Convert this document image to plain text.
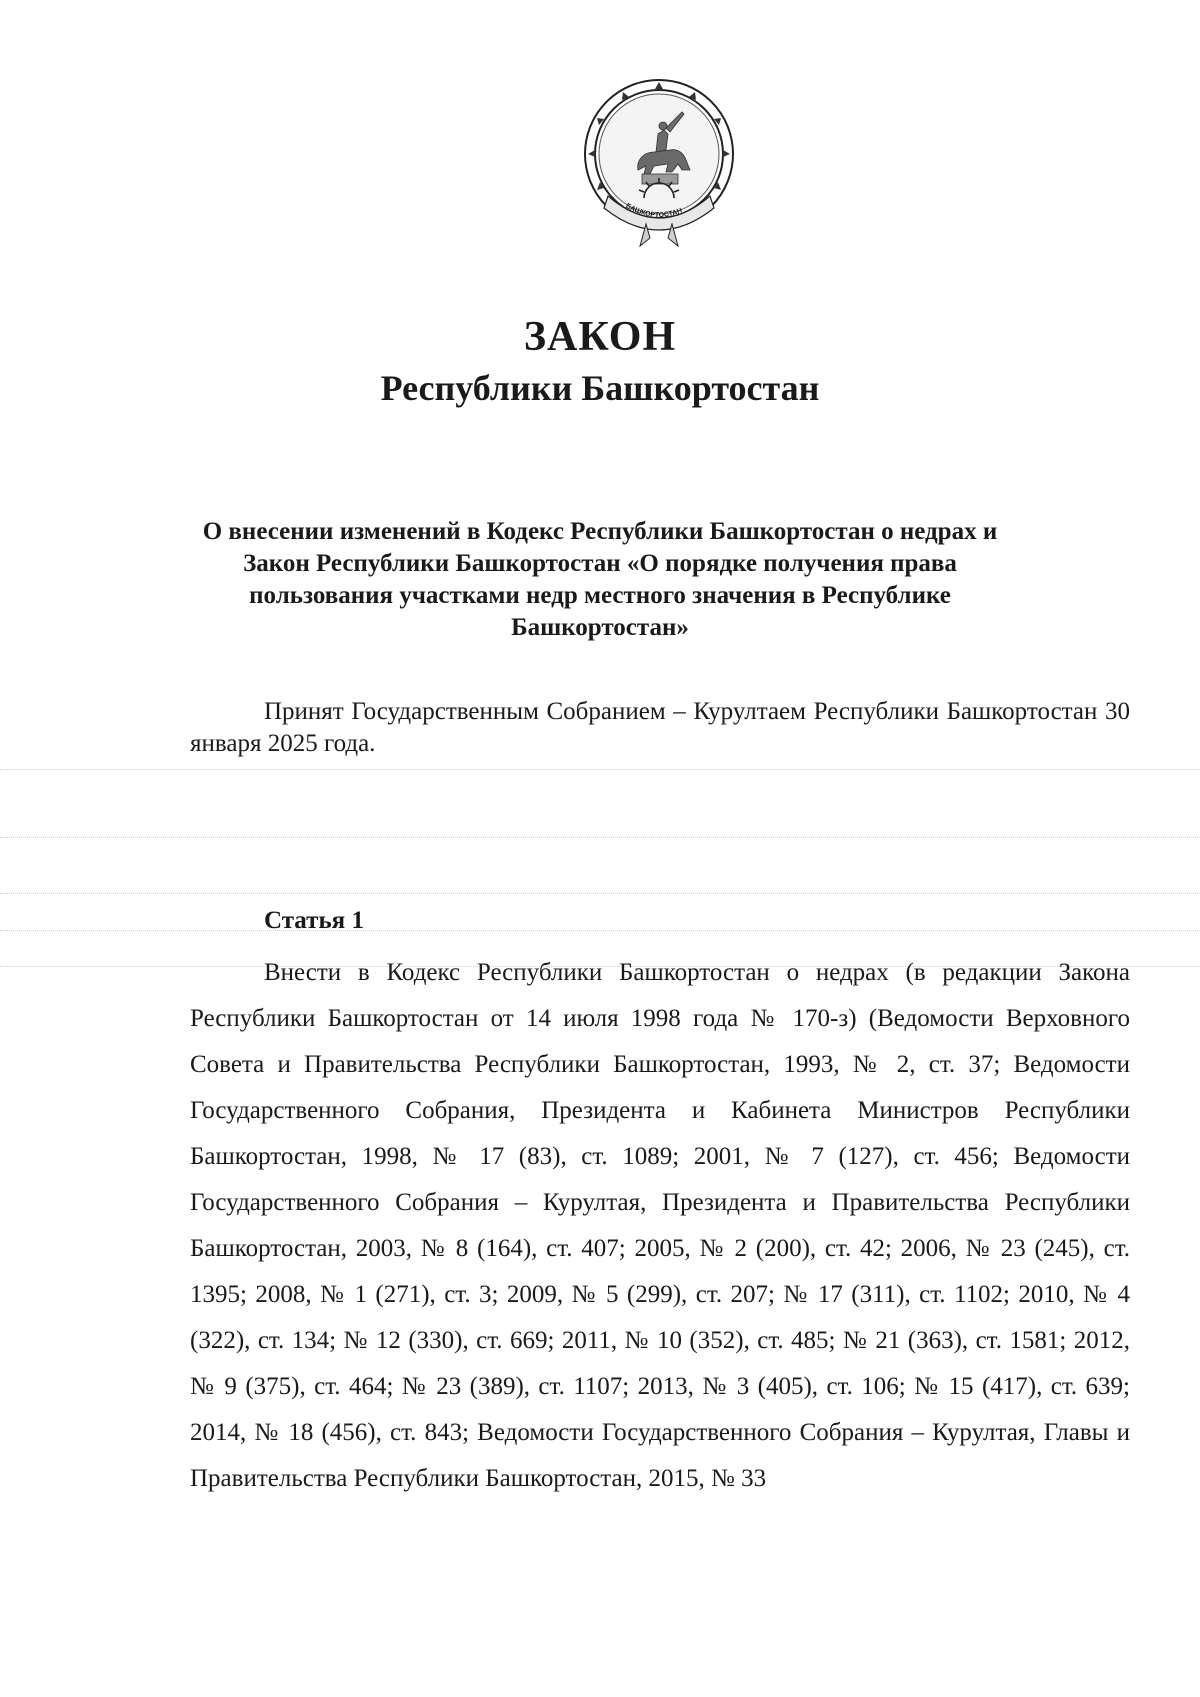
БАШКОРТОСТАН
ЗАКОН
Республики Башкортостан
О внесении изменений в Кодекс Республики Башкортостан о недрах и Закон Республики Башкортостан «О порядке получения права пользования участками недр местного значения в Республике Башкортостан»
Принят Государственным Собранием – Курултаем Республики Башкортостан 30 января 2025 года.
Статья 1
Внести в Кодекс Республики Башкортостан о недрах (в редакции Закона Республики Башкортостан от 14 июля 1998 года № 170-з) (Ведомости Верховного Совета и Правительства Республики Башкортостан, 1993, № 2, ст. 37; Ведомости Государственного Собрания, Президента и Кабинета Министров Республики Башкортостан, 1998, № 17 (83), ст. 1089; 2001, № 7 (127), ст. 456; Ведомости Государственного Собрания – Курултая, Президента и Правительства Республики Башкортостан, 2003, № 8 (164), ст. 407; 2005, № 2 (200), ст. 42; 2006, № 23 (245), ст. 1395; 2008, № 1 (271), ст. 3; 2009, № 5 (299), ст. 207; № 17 (311), ст. 1102; 2010, № 4 (322), ст. 134; № 12 (330), ст. 669; 2011, № 10 (352), ст. 485; № 21 (363), ст. 1581; 2012, № 9 (375), ст. 464; № 23 (389), ст. 1107; 2013, № 3 (405), ст. 106; № 15 (417), ст. 639; 2014, № 18 (456), ст. 843; Ведомости Государственного Собрания – Курултая, Главы и Правительства Республики Башкортостан, 2015, № 33
